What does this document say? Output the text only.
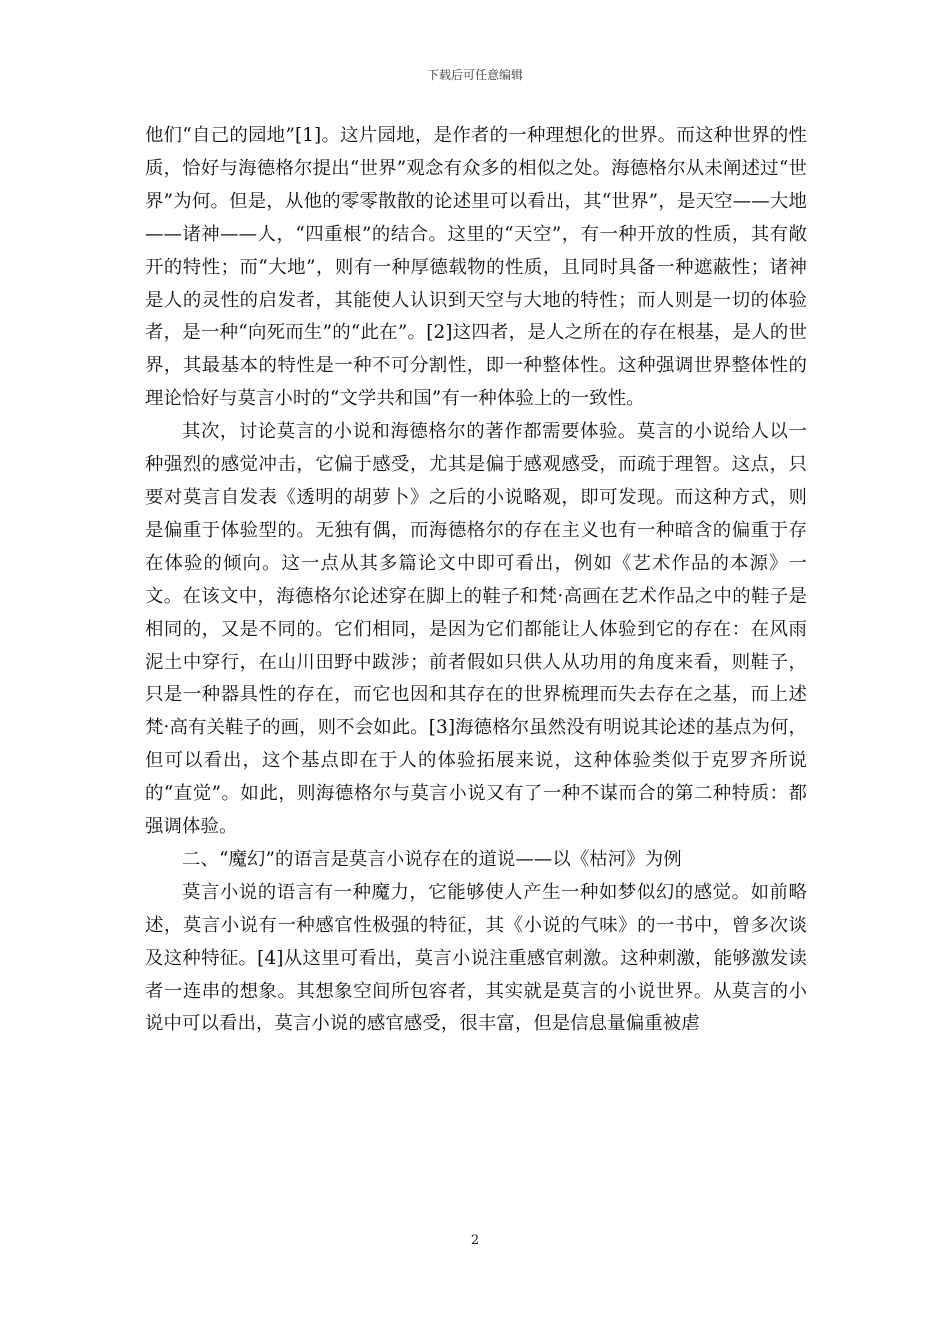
下载后可任意编辑

他们“自己的园地”[1]。这片园地，是作者的一种理想化的世界。而这种世界的性质，恰好与海德格尔提出“世界”观念有众多的相似之处。海德格尔从未阐述过“世界”为何。但是，从他的零零散散的论述里可以看出，其“世界”，是天空——大地——诸神——人，“四重根”的结合。这里的“天空”，有一种开放的性质，其有敞开的特性；而“大地”，则有一种厚德载物的性质，且同时具备一种遮蔽性；诸神是人的灵性的启发者，其能使人认识到天空与大地的特性；而人则是一切的体验者，是一种“向死而生”的“此在”。[2]这四者，是人之所在的存在根基，是人的世界，其最基本的特性是一种不可分割性，即一种整体性。这种强调世界整体性的理论恰好与莫言小时的“文学共和国”有一种体验上的一致性。

其次，讨论莫言的小说和海德格尔的著作都需要体验。莫言的小说给人以一种强烈的感觉冲击，它偏于感受，尤其是偏于感观感受，而疏于理智。这点，只要对莫言自发表《透明的胡萝卜》之后的小说略观，即可发现。而这种方式，则是偏重于体验型的。无独有偶，而海德格尔的存在主义也有一种暗含的偏重于存在体验的倾向。这一点从其多篇论文中即可看出，例如《艺术作品的本源》一文。在该文中，海德格尔论述穿在脚上的鞋子和梵·高画在艺术作品之中的鞋子是相同的，又是不同的。它们相同，是因为它们都能让人体验到它的存在：在风雨泥土中穿行，在山川田野中跋涉；前者假如只供人从功用的角度来看，则鞋子，只是一种器具性的存在，而它也因和其存在的世界梳理而失去存在之基，而上述梵·高有关鞋子的画，则不会如此。[3]海德格尔虽然没有明说其论述的基点为何，但可以看出，这个基点即在于人的体验拓展来说，这种体验类似于克罗齐所说的“直觉”。如此，则海德格尔与莫言小说又有了一种不谋而合的第二种特质：都强调体验。

二、“魔幻”的语言是莫言小说存在的道说——以《枯河》为例

莫言小说的语言有一种魔力，它能够使人产生一种如梦似幻的感觉。如前略述，莫言小说有一种感官性极强的特征，其《小说的气味》的一书中，曾多次谈及这种特征。[4]从这里可看出，莫言小说注重感官刺激。这种刺激，能够激发读者一连串的想象。其想象空间所包容者，其实就是莫言的小说世界。从莫言的小说中可以看出，莫言小说的感官感受，很丰富，但是信息量偏重被虐

2
